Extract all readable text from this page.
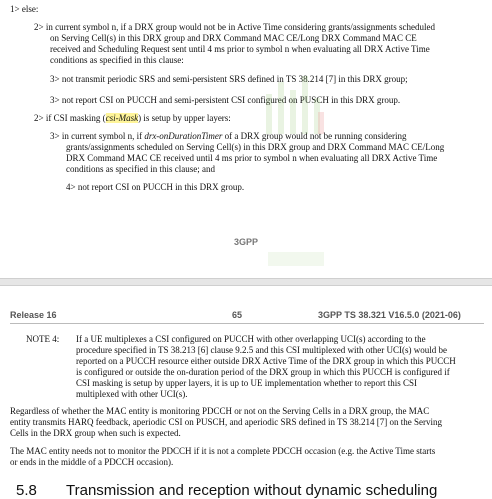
1> else:
2> in current symbol n, if a DRX group would not be in Active Time considering grants/assignments scheduled
on Serving Cell(s) in this DRX group and DRX Command MAC CE/Long DRX Command MAC CE
received and Scheduling Request sent until 4 ms prior to symbol n when evaluating all DRX Active Time
conditions as specified in this clause:
3> not transmit periodic SRS and semi-persistent SRS defined in TS 38.214 [7] in this DRX group;
3> not report CSI on PUCCH and semi-persistent CSI configured on PUSCH in this DRX group.
2> if CSI masking (csi-Mask) is setup by upper layers:
3> in current symbol n, if drx-onDurationTimer of a DRX group would not be running considering
grants/assignments scheduled on Serving Cell(s) in this DRX group and DRX Command MAC CE/Long
DRX Command MAC CE received until 4 ms prior to symbol n when evaluating all DRX Active Time
conditions as specified in this clause; and
4> not report CSI on PUCCH in this DRX group.
3GPP
Release 16	65	3GPP TS 38.321 V16.5.0 (2021-06)
NOTE 4: If a UE multiplexes a CSI configured on PUCCH with other overlapping UCI(s) according to the
procedure specified in TS 38.213 [6] clause 9.2.5 and this CSI multiplexed with other UCI(s) would be
reported on a PUCCH resource either outside DRX Active Time of the DRX group in which this PUCCH
is configured or outside the on-duration period of the DRX group in which this PUCCH is configured if
CSI masking is setup by upper layers, it is up to UE implementation whether to report this CSI
multiplexed with other UCI(s).
Regardless of whether the MAC entity is monitoring PDCCH or not on the Serving Cells in a DRX group, the MAC
entity transmits HARQ feedback, aperiodic CSI on PUSCH, and aperiodic SRS defined in TS 38.214 [7] on the Serving
Cells in the DRX group when such is expected.
The MAC entity needs not to monitor the PDCCH if it is not a complete PDCCH occasion (e.g. the Active Time starts
or ends in the middle of a PDCCH occasion).
5.8 Transmission and reception without dynamic scheduling
